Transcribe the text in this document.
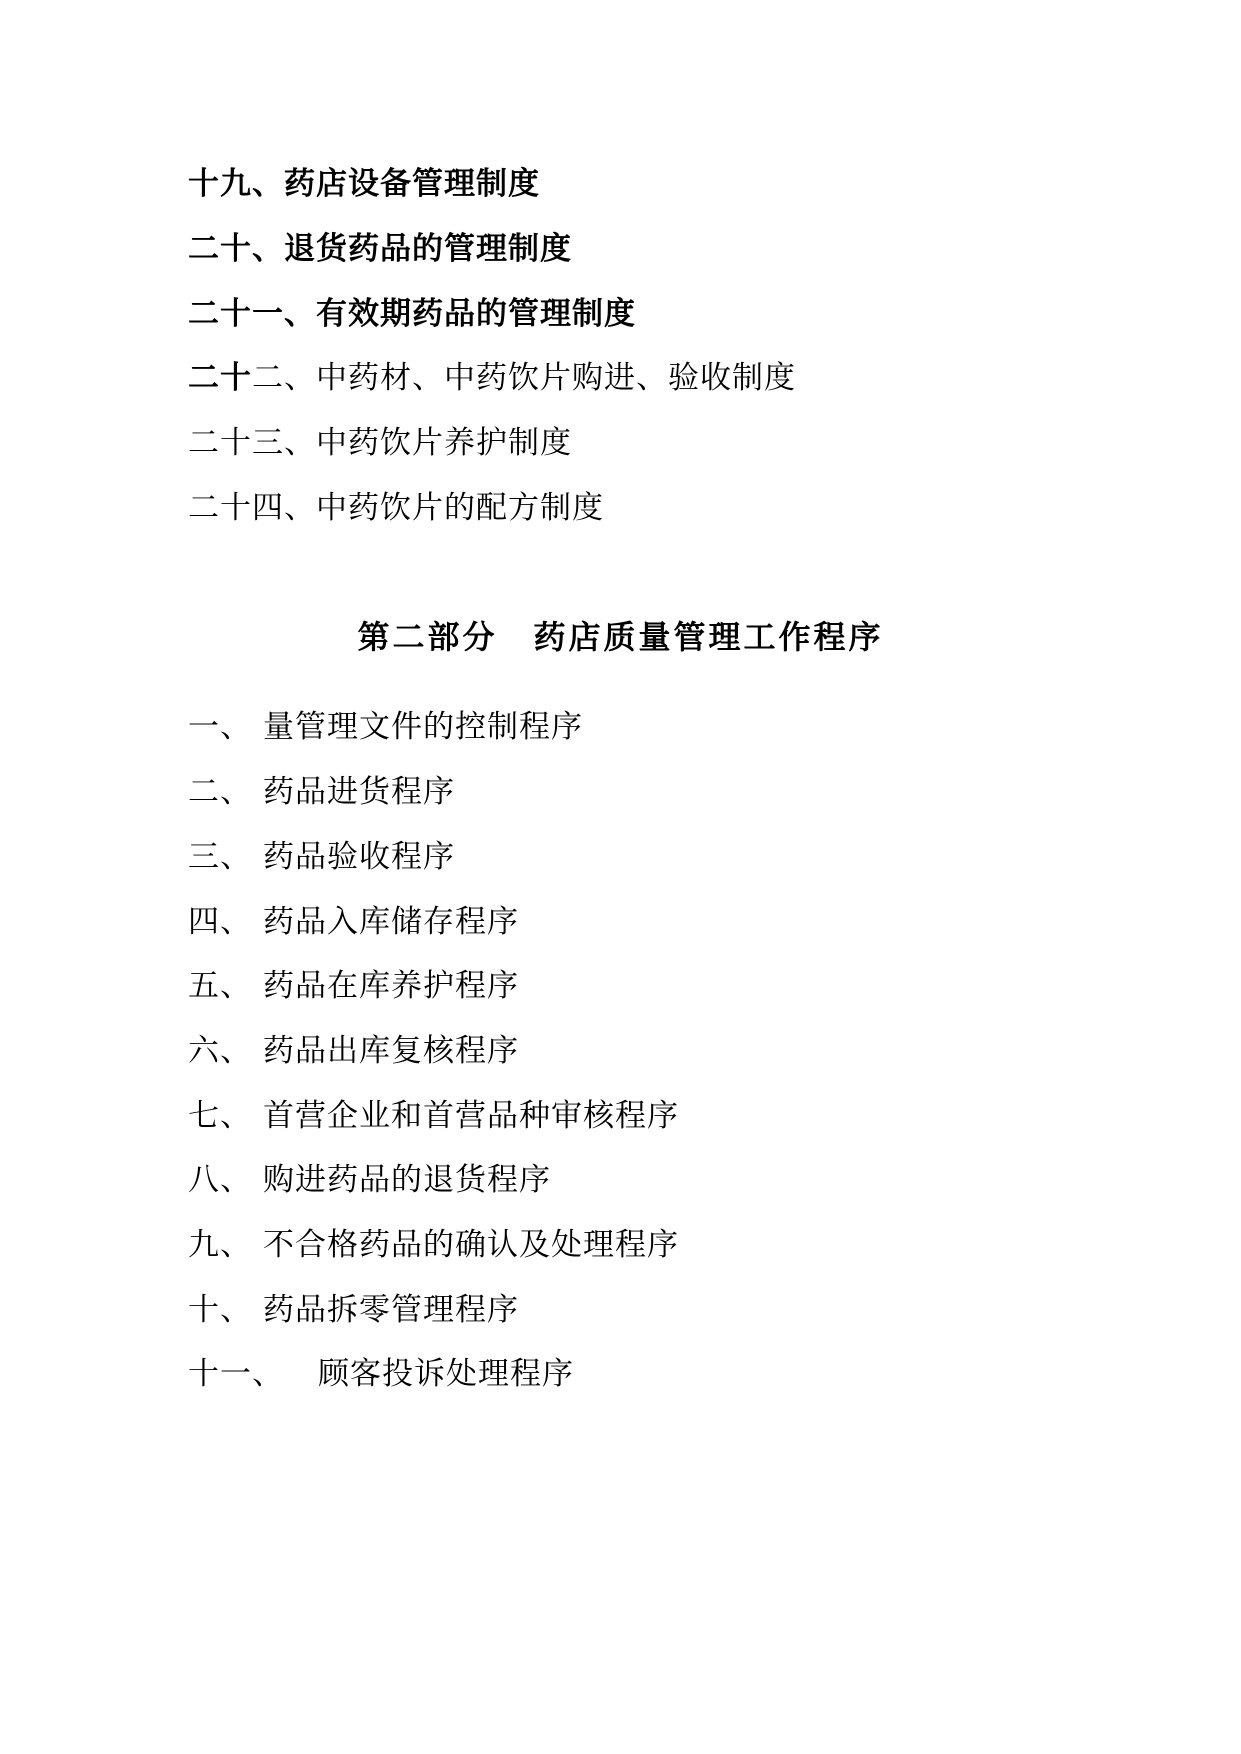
十九、药店设备管理制度
二十、退货药品的管理制度
二十一、有效期药品的管理制度
二十二、中药材、中药饮片购进、验收制度
二十三、中药饮片养护制度
二十四、中药饮片的配方制度
第二部分 药店质量管理工作程序
一、 量管理文件的控制程序
二、 药品进货程序
三、 药品验收程序
四、 药品入库储存程序
五、 药品在库养护程序
六、 药品出库复核程序
七、 首营企业和首营品种审核程序
八、 购进药品的退货程序
九、 不合格药品的确认及处理程序
十、 药品拆零管理程序
十一、 顾客投诉处理程序
